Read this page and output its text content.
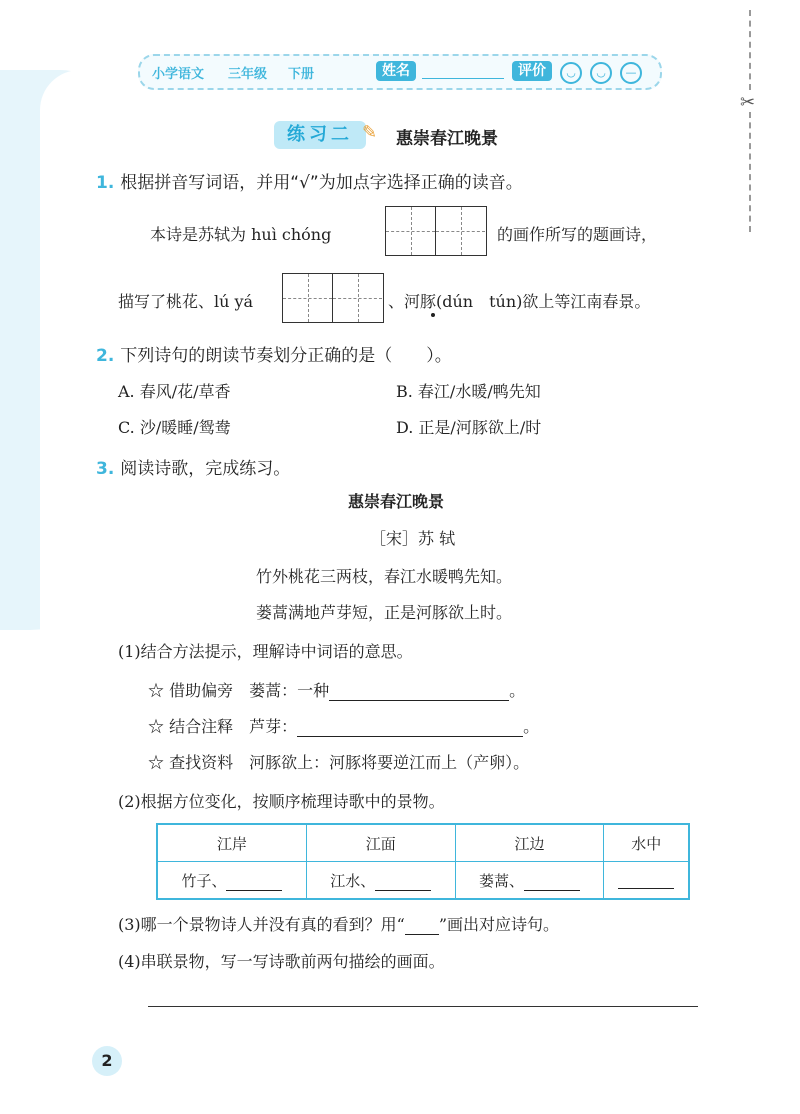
✂
小学语文 三年级 下册	姓名	评价	◡	◡	—
练习二 ✎ 惠崇春江晚景
1. 根据拼音写词语，并用“√”为加点字选择正确的读音。
本诗是苏轼为 huì chóng	的画作所写的题画诗，
描写了桃花、lú yá	、河豚(dún　tún)欲上等江南春景。
2. 下列诗句的朗读节奏划分正确的是（　　）。
A. 春风/花/草香	B. 春江/水暖/鸭先知
C. 沙/暖睡/鸳鸯	D. 正是/河豚欲上/时
3. 阅读诗歌，完成练习。
惠崇春江晚景
［宋］苏 轼
竹外桃花三两枝，春江水暖鸭先知。
蒌蒿满地芦芽短，正是河豚欲上时。
(1)结合方法提示，理解诗中词语的意思。
☆ 借助偏旁　蒌蒿：一种	。
☆ 结合注释　芦芽：	。
☆ 查找资料　河豚欲上：河豚将要逆江而上（产卵）。
(2)根据方位变化，按顺序梳理诗歌中的景物。
江岸	江面	江边	水中
竹子、	江水、	蒌蒿、	
(3)哪一个景物诗人并没有真的看到？用“ ”画出对应诗句。
(4)串联景物，写一写诗歌前两句描绘的画面。
2
